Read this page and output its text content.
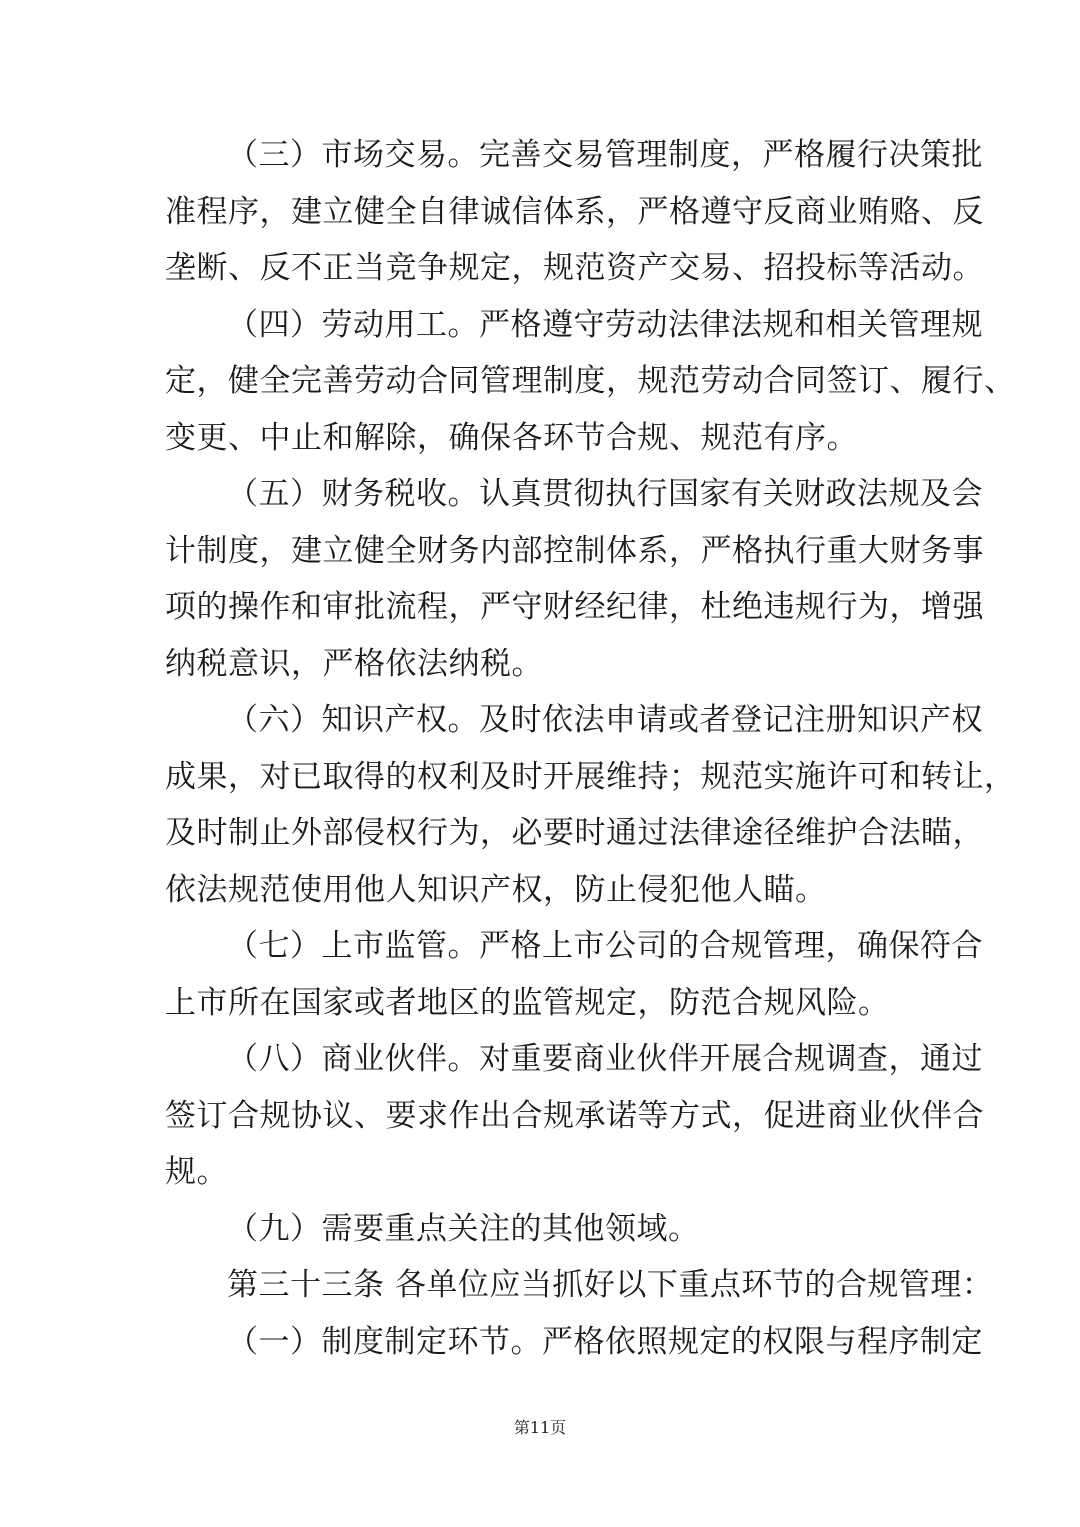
（三）市场交易。完善交易管理制度，严格履行决策批
准程序，建立健全自律诚信体系，严格遵守反商业贿赂、反
垄断、反不正当竞争规定，规范资产交易、招投标等活动。

（四）劳动用工。严格遵守劳动法律法规和相关管理规
定，健全完善劳动合同管理制度，规范劳动合同签订、履行、
变更、中止和解除，确保各环节合规、规范有序。

（五）财务税收。认真贯彻执行国家有关财政法规及会
计制度，建立健全财务内部控制体系，严格执行重大财务事
项的操作和审批流程，严守财经纪律，杜绝违规行为，增强
纳税意识，严格依法纳税。

（六）知识产权。及时依法申请或者登记注册知识产权
成果，对已取得的权利及时开展维持；规范实施许可和转让，
及时制止外部侵权行为，必要时通过法律途径维护合法瞄，
依法规范使用他人知识产权，防止侵犯他人瞄。

（七）上市监管。严格上市公司的合规管理，确保符合
上市所在国家或者地区的监管规定，防范合规风险。

（八）商业伙伴。对重要商业伙伴开展合规调查，通过
签订合规协议、要求作出合规承诺等方式，促进商业伙伴合
规。

（九）需要重点关注的其他领域。

第三十三条 各单位应当抓好以下重点环节的合规管理：

（一）制度制定环节。严格依照规定的权限与程序制定

第11页
